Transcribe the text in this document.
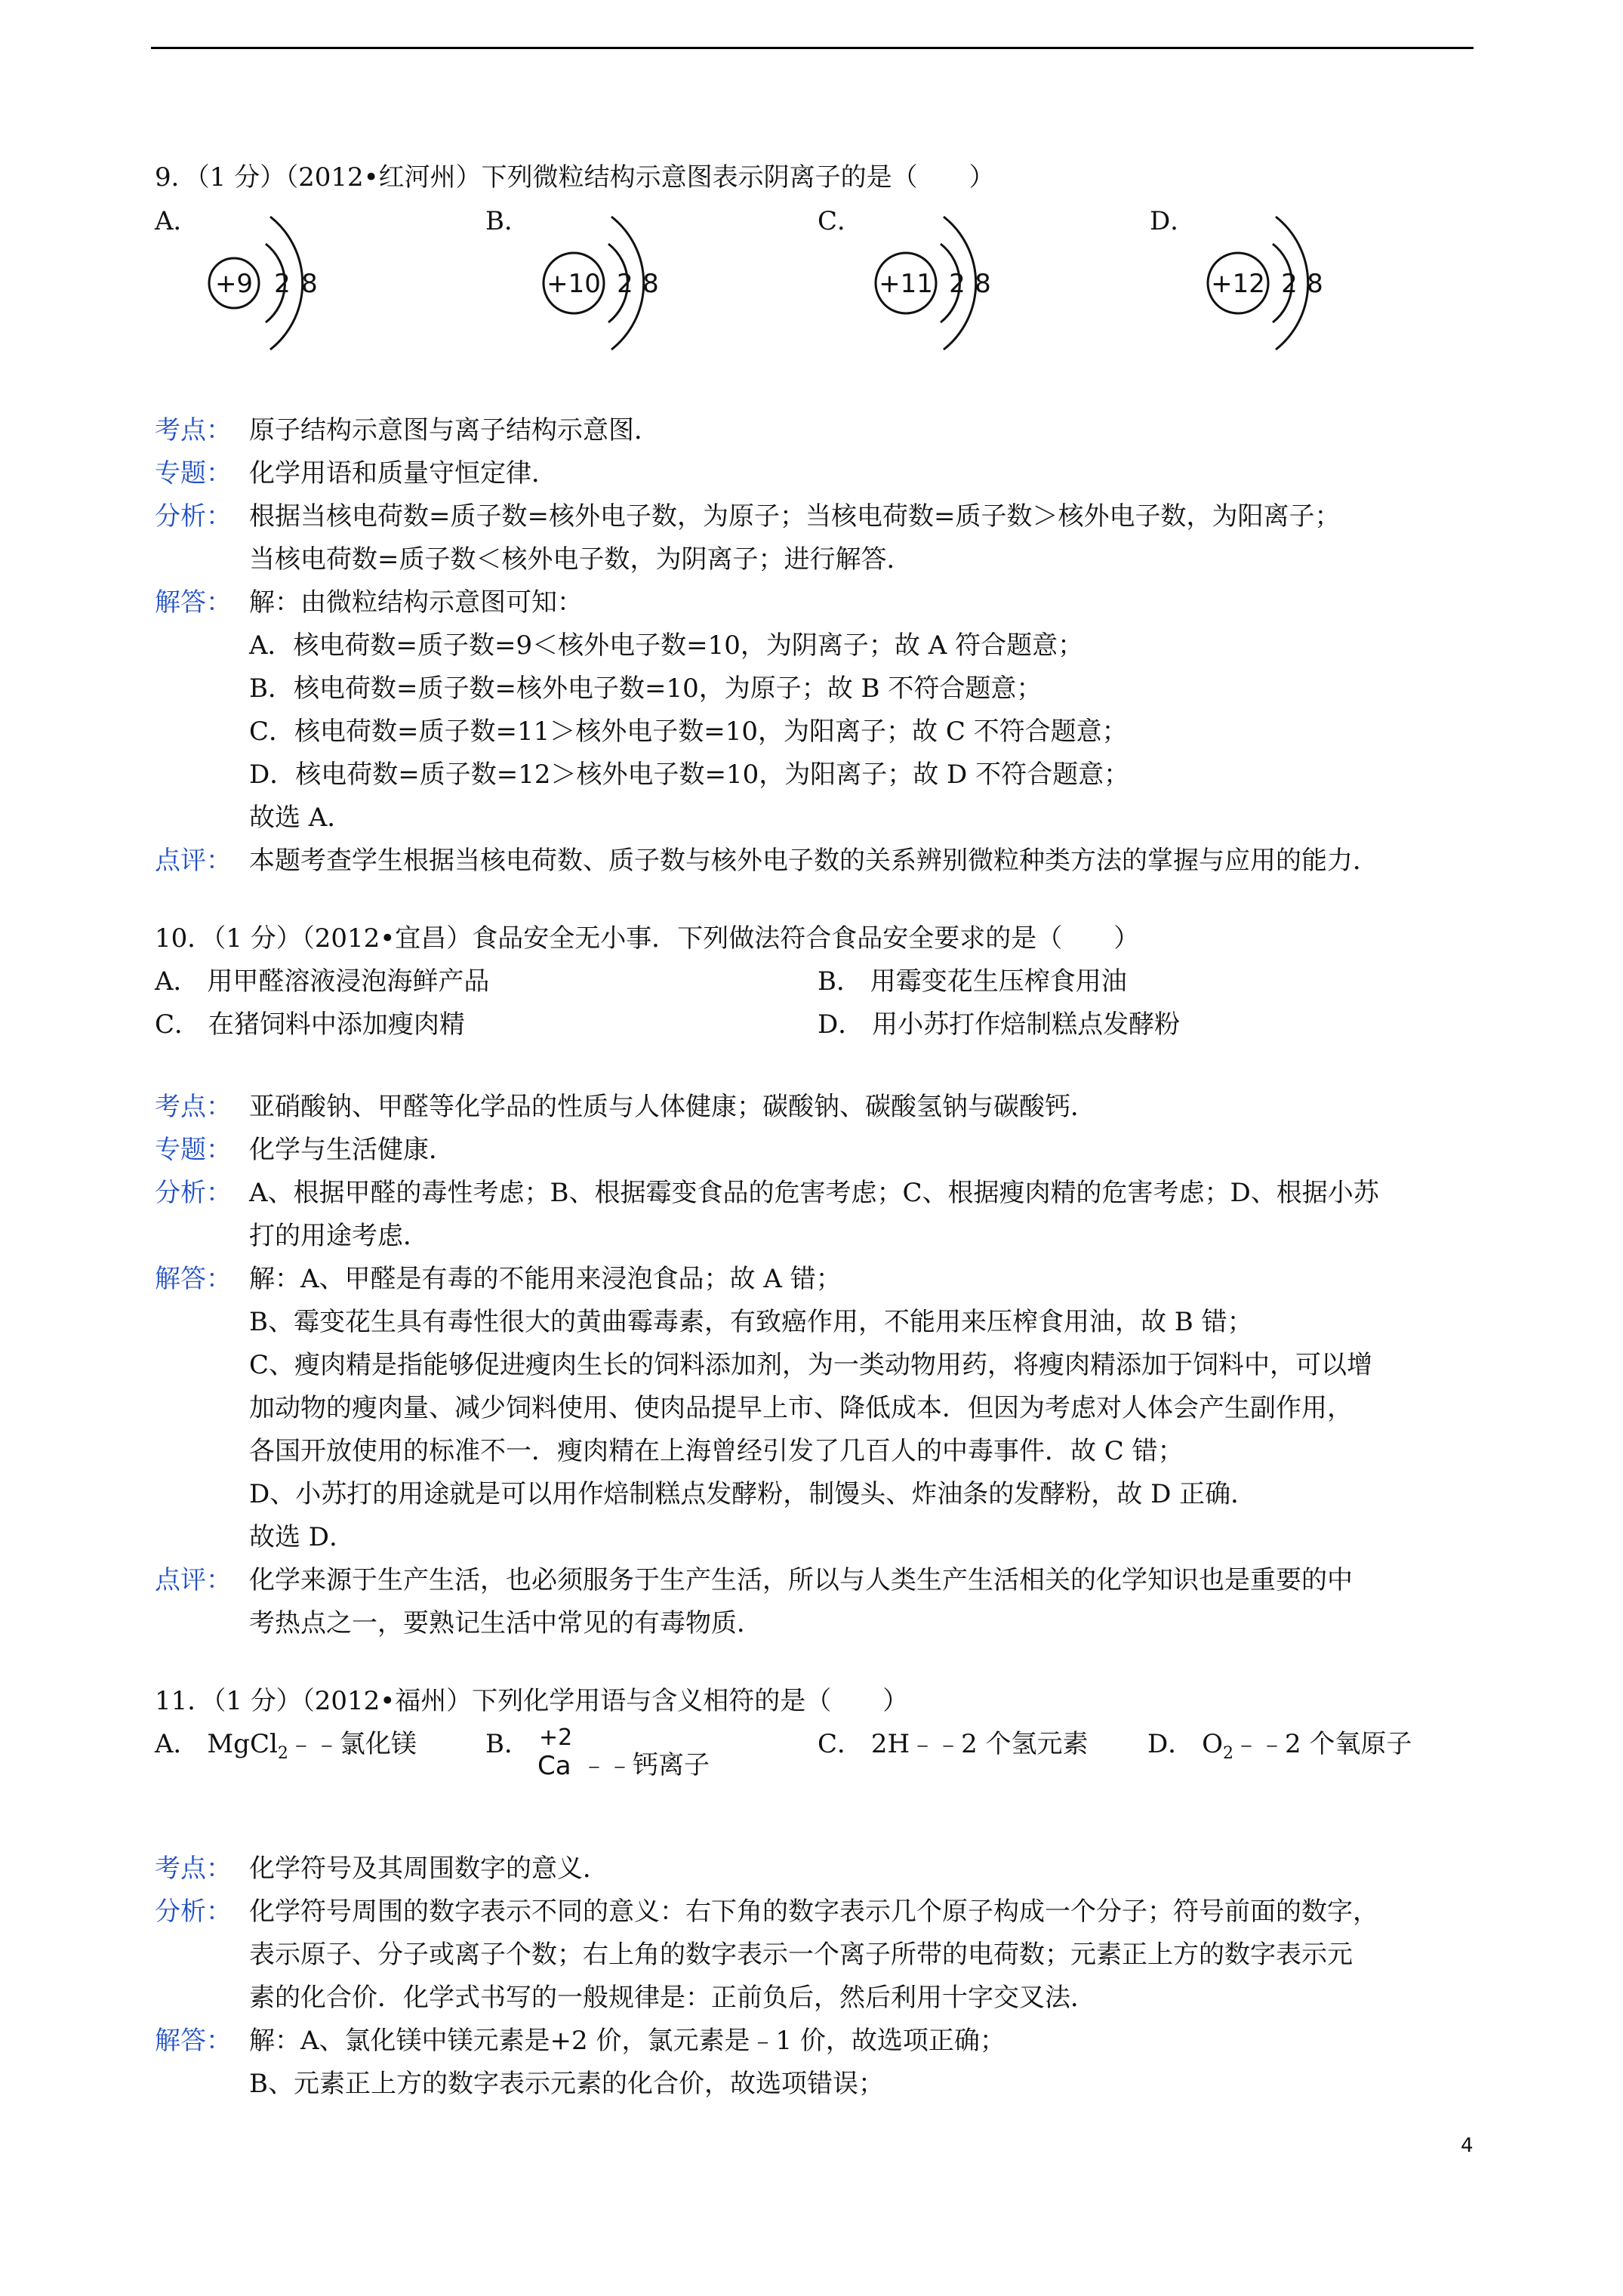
9．（1 分）（2012•红河州）下列微粒结构示意图表示阴离子的是（　　）
A．	B．	C．	D．
+9 2 8	+10 2 8	+11 2 8	+12 2 8
考点： 原子结构示意图与离子结构示意图．
专题： 化学用语和质量守恒定律．
分析： 根据当核电荷数=质子数=核外电子数，为原子；当核电荷数=质子数＞核外电子数，为阳离子；
当核电荷数=质子数＜核外电子数，为阴离子；进行解答．
解答： 解：由微粒结构示意图可知：
A．核电荷数=质子数=9＜核外电子数=10，为阴离子；故 A 符合题意；
B．核电荷数=质子数=核外电子数=10，为原子；故 B 不符合题意；
C．核电荷数=质子数=11＞核外电子数=10，为阳离子；故 C 不符合题意；
D．核电荷数=质子数=12＞核外电子数=10，为阳离子；故 D 不符合题意；
故选 A．
点评： 本题考查学生根据当核电荷数、质子数与核外电子数的关系辨别微粒种类方法的掌握与应用的能力．
10．（1 分）（2012•宜昌）食品安全无小事．下列做法符合食品安全要求的是（　　）
A． 用甲醛溶液浸泡海鲜产品	B． 用霉变花生压榨食用油
C． 在猪饲料中添加瘦肉精	D． 用小苏打作焙制糕点发酵粉
考点： 亚硝酸钠、甲醛等化学品的性质与人体健康；碳酸钠、碳酸氢钠与碳酸钙．
专题： 化学与生活健康．
分析： A、根据甲醛的毒性考虑；B、根据霉变食品的危害考虑；C、根据瘦肉精的危害考虑；D、根据小苏
打的用途考虑．
解答： 解：A、甲醛是有毒的不能用来浸泡食品；故 A 错；
B、霉变花生具有毒性很大的黄曲霉毒素，有致癌作用，不能用来压榨食用油，故 B 错；
C、瘦肉精是指能够促进瘦肉生长的饲料添加剂，为一类动物用药，将瘦肉精添加于饲料中，可以增
加动物的瘦肉量、减少饲料使用、使肉品提早上市、降低成本．但因为考虑对人体会产生副作用，
各国开放使用的标准不一．瘦肉精在上海曾经引发了几百人的中毒事件．故 C 错；
D、小苏打的用途就是可以用作焙制糕点发酵粉，制馒头、炸油条的发酵粉，故 D 正确．
故选 D．
点评： 化学来源于生产生活，也必须服务于生产生活，所以与人类生产生活相关的化学知识也是重要的中
考热点之一，要熟记生活中常见的有毒物质．
11．（1 分）（2012•福州）下列化学用语与含义相符的是（　　）
A． MgCl$_2$﹣﹣氯化镁	B． +2
Ca ﹣﹣钙离子
C． 2H﹣﹣2 个氢元素 D． $O_2﹣﹣2$ 个氧原子
考点： 化学符号及其周围数字的意义．
分析： 化学符号周围的数字表示不同的意义：右下角的数字表示几个原子构成一个分子；符号前面的数字，
表示原子、分子或离子个数；右上角的数字表示一个离子所带的电荷数；元素正上方的数字表示元
素的化合价．化学式书写的一般规律是：正前负后，然后利用十字交叉法．
解答： 解：A、氯化镁中镁元素是+2 价，氯元素是﹣1 价，故选项正确；
B、元素正上方的数字表示元素的化合价，故选项错误；
4
